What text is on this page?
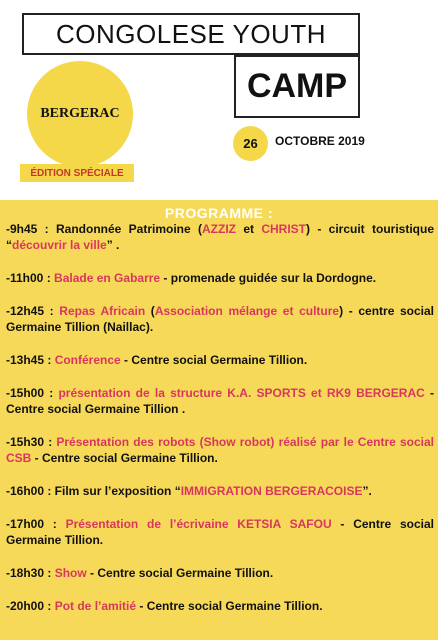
CONGOLESE YOUTH
CAMP
BERGERAC
ÉDITION SPÉCIALE
26	OCTOBRE 2019
PROGRAMME :
-9h45 : Randonnée Patrimoine (AZZIZ et CHRIST) - circuit touristique “découvrir la ville” .
-11h00 : Balade en Gabarre - promenade guidée sur la Dordogne.
-12h45 : Repas Africain (Association mélange et culture) - centre social Germaine Tillion (Naillac).
-13h45 : Conférence - Centre social Germaine Tillion.
-15h00 : présentation de la structure K.A. SPORTS et RK9 BERGERAC - Centre social Germaine Tillion .
-15h30 : Présentation des robots (Show robot) réalisé par le Centre social CSB - Centre social Germaine Tillion.
-16h00 : Film sur l’exposition “IMMIGRATION BERGERACOISE”.
-17h00 : Présentation de l’écrivaine KETSIA SAFOU - Centre social Germaine Tillion.
-18h30 : Show - Centre social Germaine Tillion.
-20h00 : Pot de l’amitié - Centre social Germaine Tillion.
